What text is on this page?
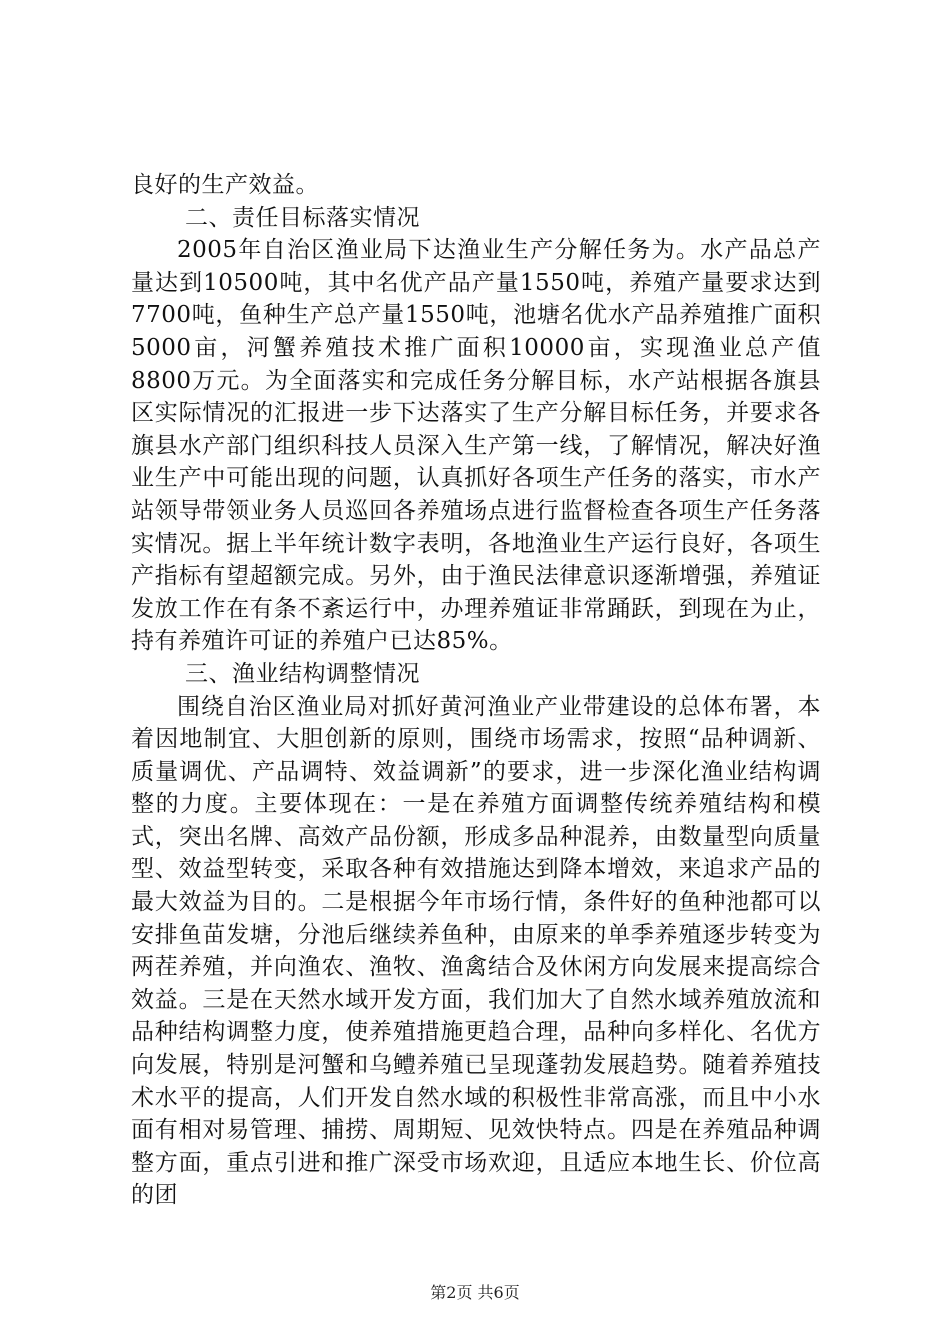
良好的生产效益。

二、责任目标落实情况

2005年自治区渔业局下达渔业生产分解任务为。水产品总产量达到10500吨，其中名优产品产量1550吨，养殖产量要求达到7700吨，鱼种生产总产量1550吨，池塘名优水产品养殖推广面积5000亩，河蟹养殖技术推广面积10000亩，实现渔业总产值8800万元。为全面落实和完成任务分解目标，水产站根据各旗县区实际情况的汇报进一步下达落实了生产分解目标任务，并要求各旗县水产部门组织科技人员深入生产第一线，了解情况，解决好渔业生产中可能出现的问题，认真抓好各项生产任务的落实，市水产站领导带领业务人员巡回各养殖场点进行监督检查各项生产任务落实情况。据上半年统计数字表明，各地渔业生产运行良好，各项生产指标有望超额完成。另外，由于渔民法律意识逐渐增强，养殖证发放工作在有条不紊运行中，办理养殖证非常踊跃，到现在为止，持有养殖许可证的养殖户已达85%。

三、渔业结构调整情况

围绕自治区渔业局对抓好黄河渔业产业带建设的总体布署，本着因地制宜、大胆创新的原则，围绕市场需求，按照“品种调新、质量调优、产品调特、效益调新”的要求，进一步深化渔业结构调整的力度。主要体现在：一是在养殖方面调整传统养殖结构和模式，突出名牌、高效产品份额，形成多品种混养，由数量型向质量型、效益型转变，采取各种有效措施达到降本增效，来追求产品的最大效益为目的。二是根据今年市场行情，条件好的鱼种池都可以安排鱼苗发塘，分池后继续养鱼种，由原来的单季养殖逐步转变为两茬养殖，并向渔农、渔牧、渔禽结合及休闲方向发展来提高综合效益。三是在天然水域开发方面，我们加大了自然水域养殖放流和品种结构调整力度，使养殖措施更趋合理，品种向多样化、名优方向发展，特别是河蟹和乌鳢养殖已呈现蓬勃发展趋势。随着养殖技术水平的提高，人们开发自然水域的积极性非常高涨，而且中小水面有相对易管理、捕捞、周期短、见效快特点。四是在养殖品种调整方面，重点引进和推广深受市场欢迎，且适应本地生长、价位高的团

第2页 共6页
